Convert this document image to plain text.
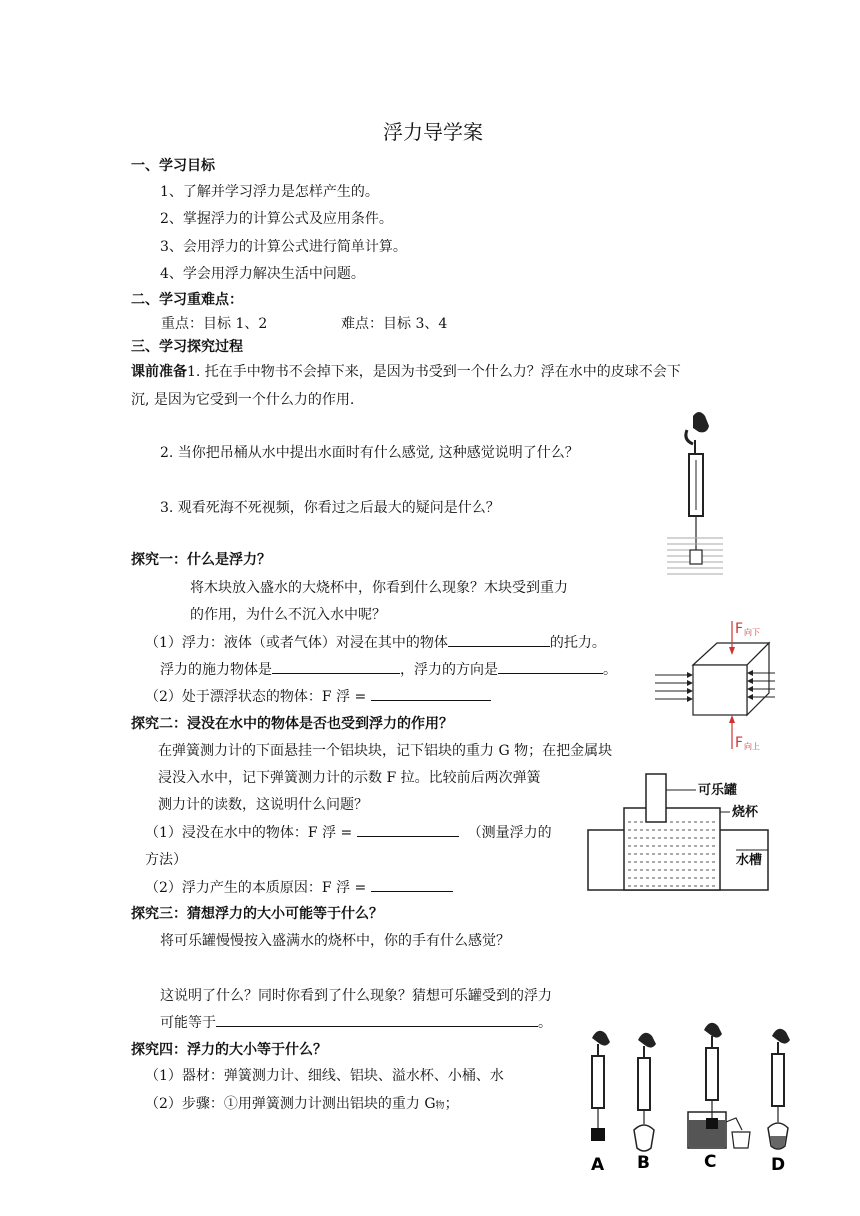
浮力导学案
一、学习目标
1、了解并学习浮力是怎样产生的。
2、掌握浮力的计算公式及应用条件。
3、会用浮力的计算公式进行简单计算。
4、学会用浮力解决生活中问题。
二、学习重难点：
重点：目标 1、2	难点：目标 3、4
三、学习探究过程
课前准备1. 托在手中物书不会掉下来，是因为书受到一个什么力？浮在水中的皮球不会下
沉, 是因为它受到一个什么力的作用.
2. 当你把吊桶从水中提出水面时有什么感觉, 这种感觉说明了什么？
3. 观看死海不死视频，你看过之后最大的疑问是什么？
探究一：什么是浮力？
将木块放入盛水的大烧杯中，你看到什么现象？木块受到重力
的作用，为什么不沉入水中呢？
（1）浮力：液体（或者气体）对浸在其中的物体	的托力。
浮力的施力物体是	，浮力的方向是	。
（2）处于漂浮状态的物体：F 浮 =
F 向下
F 向上
探究二：浸没在水中的物体是否也受到浮力的作用？
在弹簧测力计的下面悬挂一个铝块块，记下铝块的重力 G 物；在把金属块
浸没入水中，记下弹簧测力计的示数 F 拉。比较前后两次弹簧
测力计的读数，这说明什么问题？
（1）浸没在水中的物体：F 浮 =	（测量浮力的
方法）
（2）浮力产生的本质原因：F 浮 =
可乐罐
烧杯
水槽
探究三：猜想浮力的大小可能等于什么？
将可乐罐慢慢按入盛满水的烧杯中，你的手有什么感觉？
这说明了什么？同时你看到了什么现象？猜想可乐罐受到的浮力
可能等于	。
探究四：浮力的大小等于什么？
（1）器材：弹簧测力计、细线、铝块、溢水杯、小桶、水
（2）步骤：①用弹簧测力计测出铝块的重力 G物；
A B	C	D
